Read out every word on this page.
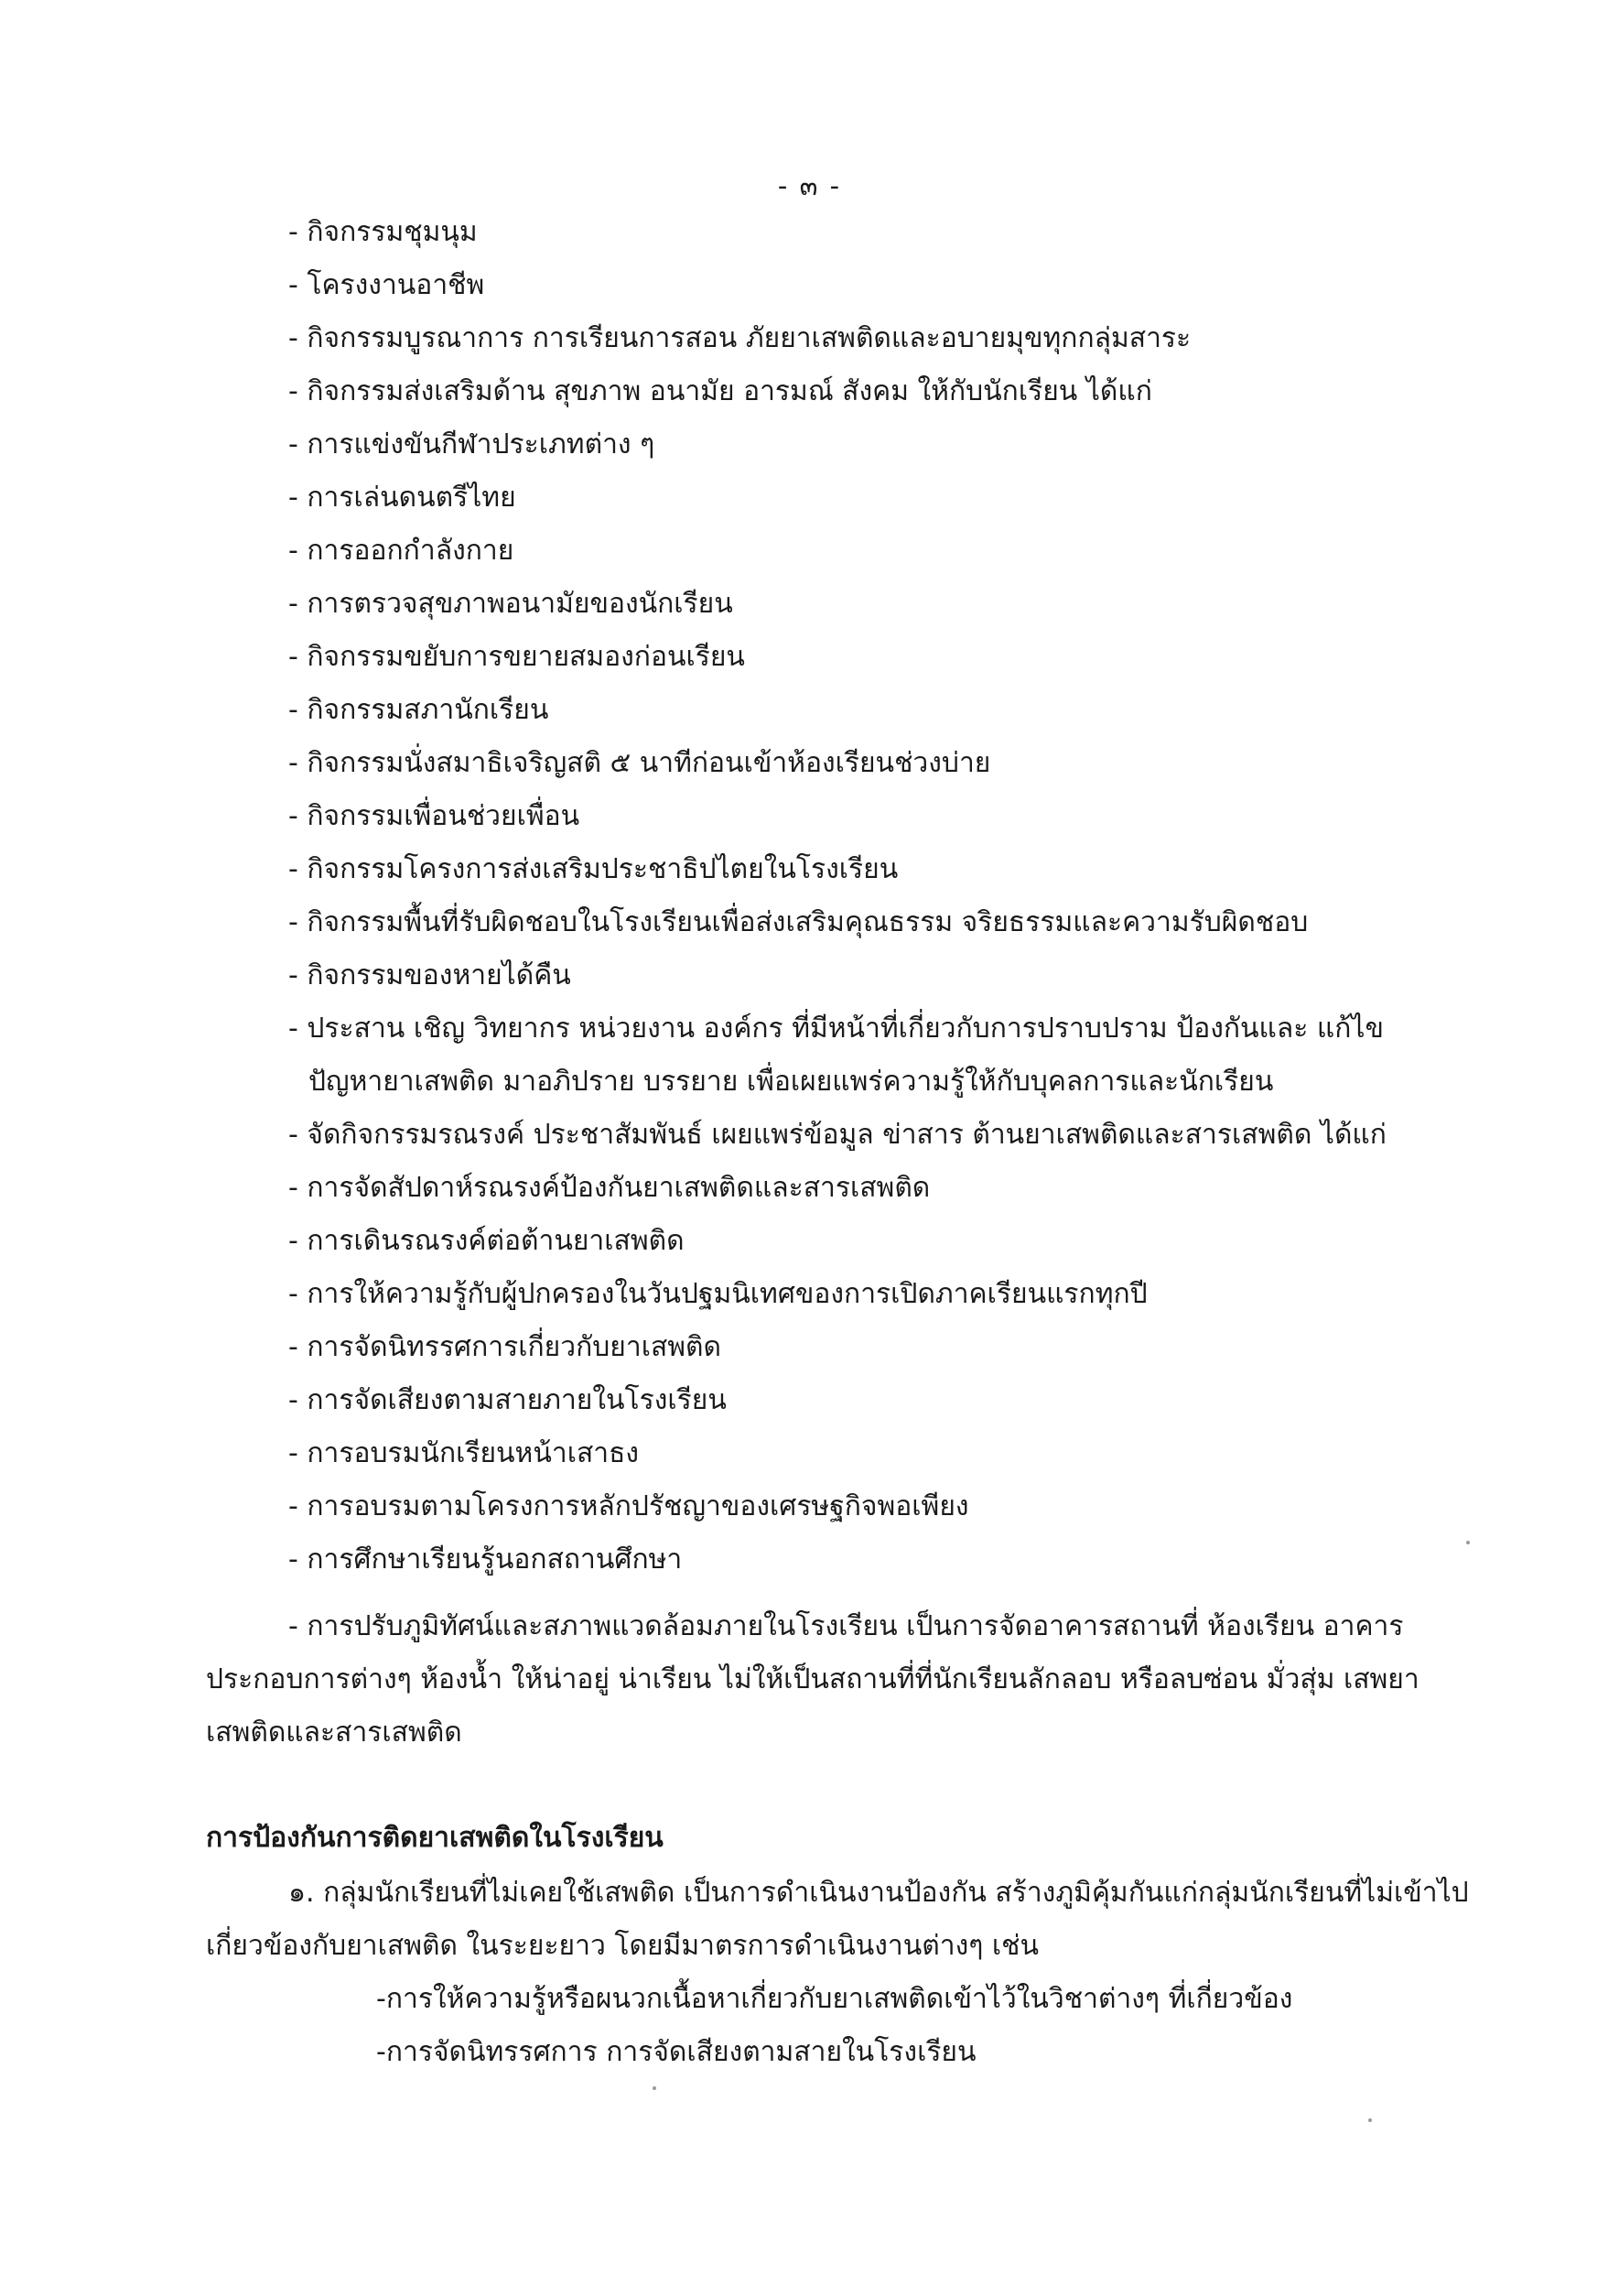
- ๓ -
- กิจกรรมชุมนุม
- โครงงานอาชีพ
- กิจกรรมบูรณาการ การเรียนการสอน ภัยยาเสพติดและอบายมุขทุกกลุ่มสาระ
- กิจกรรมส่งเสริมด้าน สุขภาพ อนามัย อารมณ์ สังคม ให้กับนักเรียน ได้แก่
- การแข่งขันกีฬาประเภทต่าง ๆ
- การเล่นดนตรีไทย
- การออกกำลังกาย
- การตรวจสุขภาพอนามัยของนักเรียน
- กิจกรรมขยับการขยายสมองก่อนเรียน
- กิจกรรมสภานักเรียน
- กิจกรรมนั่งสมาธิเจริญสติ ๕ นาทีก่อนเข้าห้องเรียนช่วงบ่าย
- กิจกรรมเพื่อนช่วยเพื่อน
- กิจกรรมโครงการส่งเสริมประชาธิปไตยในโรงเรียน
- กิจกรรมพื้นที่รับผิดชอบในโรงเรียนเพื่อส่งเสริมคุณธรรม จริยธรรมและความรับผิดชอบ
- กิจกรรมของหายได้คืน
- ประสาน เชิญ วิทยากร หน่วยงาน องค์กร ที่มีหน้าที่เกี่ยวกับการปราบปราม ป้องกันและ แก้ไข
ปัญหายาเสพติด มาอภิปราย บรรยาย เพื่อเผยแพร่ความรู้ให้กับบุคลการและนักเรียน
- จัดกิจกรรมรณรงค์ ประชาสัมพันธ์ เผยแพร่ข้อมูล ข่าสาร ต้านยาเสพติดและสารเสพติด ได้แก่
- การจัดสัปดาห์รณรงค์ป้องกันยาเสพติดและสารเสพติด
- การเดินรณรงค์ต่อต้านยาเสพติด
- การให้ความรู้กับผู้ปกครองในวันปฐมนิเทศของการเปิดภาคเรียนแรกทุกปี
- การจัดนิทรรศการเกี่ยวกับยาเสพติด
- การจัดเสียงตามสายภายในโรงเรียน
- การอบรมนักเรียนหน้าเสาธง
- การอบรมตามโครงการหลักปรัชญาของเศรษฐกิจพอเพียง
- การศึกษาเรียนรู้นอกสถานศึกษา
- การปรับภูมิทัศน์และสภาพแวดล้อมภายในโรงเรียน เป็นการจัดอาคารสถานที่ ห้องเรียน อาคาร
ประกอบการต่างๆ ห้องน้ำ ให้น่าอยู่ น่าเรียน ไม่ให้เป็นสถานที่ที่นักเรียนลักลอบ หรือลบซ่อน มั่วสุ่ม เสพยา
เสพติดและสารเสพติด
การป้องกันการติดยาเสพติดในโรงเรียน
๑. กลุ่มนักเรียนที่ไม่เคยใช้เสพติด เป็นการดำเนินงานป้องกัน สร้างภูมิคุ้มกันแก่กลุ่มนักเรียนที่ไม่เข้าไป
เกี่ยวข้องกับยาเสพติด ในระยะยาว โดยมีมาตรการดำเนินงานต่างๆ เช่น
-การให้ความรู้หรือผนวกเนื้อหาเกี่ยวกับยาเสพติดเข้าไว้ในวิชาต่างๆ ที่เกี่ยวข้อง
-การจัดนิทรรศการ การจัดเสียงตามสายในโรงเรียน
